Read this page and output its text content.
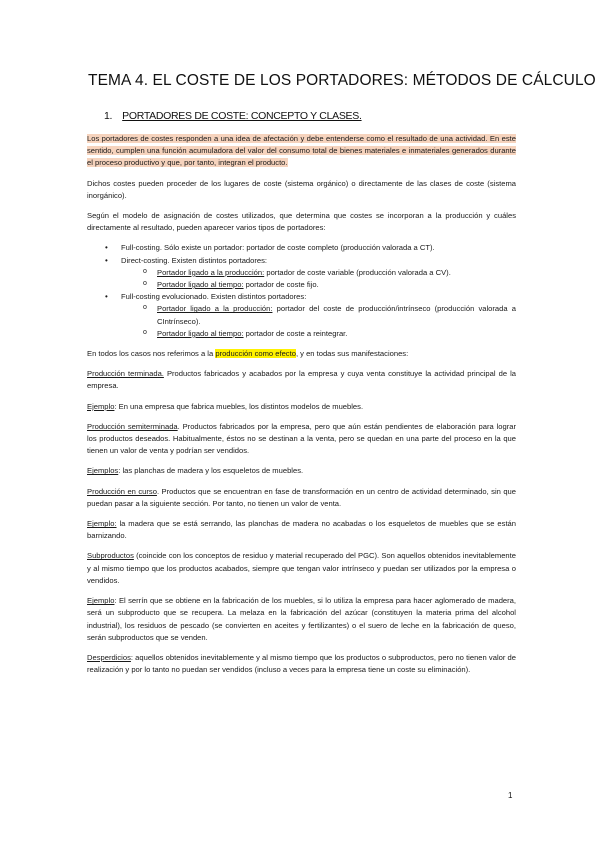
TEMA 4. EL COSTE DE LOS PORTADORES: MÉTODOS DE CÁLCULO
1. PORTADORES DE COSTE: CONCEPTO Y CLASES.

Los portadores de costes responden a una idea de afectación y debe entenderse como el resultado de una actividad. En este sentido, cumplen una función acumuladora del valor del consumo total de bienes materiales e inmateriales generados durante el proceso productivo y que, por tanto, integran el producto.

Dichos costes pueden proceder de los lugares de coste (sistema orgánico) o directamente de las clases de coste (sistema inorgánico).

Según el modelo de asignación de costes utilizados, que determina que costes se incorporan a la producción y cuáles directamente al resultado, pueden aparecer varios tipos de portadores:

• Full-costing. Sólo existe un portador: portador de coste completo (producción valorada a CT).
• Direct-costing. Existen distintos portadores:
o Portador ligado a la producción: portador de coste variable (producción valorada a CV).
o Portador ligado al tiempo: portador de coste fijo.
• Full-costing evolucionado. Existen distintos portadores:
o Portador ligado a la producción: portador del coste de producción/intrínseco (producción valorada a CIntrínseco).
o Portador ligado al tiempo: portador de coste a reintegrar.

En todos los casos nos referimos a la producción como efecto, y en todas sus manifestaciones:

Producción terminada. Productos fabricados y acabados por la empresa y cuya venta constituye la actividad principal de la empresa.

Ejemplo: En una empresa que fabrica muebles, los distintos modelos de muebles.

Producción semiterminada. Productos fabricados por la empresa, pero que aún están pendientes de elaboración para lograr los productos deseados. Habitualmente, éstos no se destinan a la venta, pero se quedan en una parte del proceso en la que tienen un valor de venta y podrían ser vendidos.

Ejemplos: las planchas de madera y los esqueletos de muebles.

Producción en curso. Productos que se encuentran en fase de transformación en un centro de actividad determinado, sin que puedan pasar a la siguiente sección. Por tanto, no tienen un valor de venta.

Ejemplo: la madera que se está serrando, las planchas de madera no acabadas o los esqueletos de muebles que se están barnizando.

Subproductos (coincide con los conceptos de residuo y material recuperado del PGC). Son aquellos obtenidos inevitablemente y al mismo tiempo que los productos acabados, siempre que tengan valor intrínseco y puedan ser utilizados por la empresa o vendidos.

Ejemplo: El serrín que se obtiene en la fabricación de los muebles, si lo utiliza la empresa para hacer aglomerado de madera, será un subproducto que se recupera. La melaza en la fabricación del azúcar (constituyen la materia prima del alcohol industrial), los residuos de pescado (se convierten en aceites y fertilizantes) o el suero de leche en la fabricación de queso, serán subproductos que se venden.

Desperdicios: aquellos obtenidos inevitablemente y al mismo tiempo que los productos o subproductos, pero no tienen valor de realización y por lo tanto no puedan ser vendidos (incluso a veces para la empresa tiene un coste su eliminación).

1
